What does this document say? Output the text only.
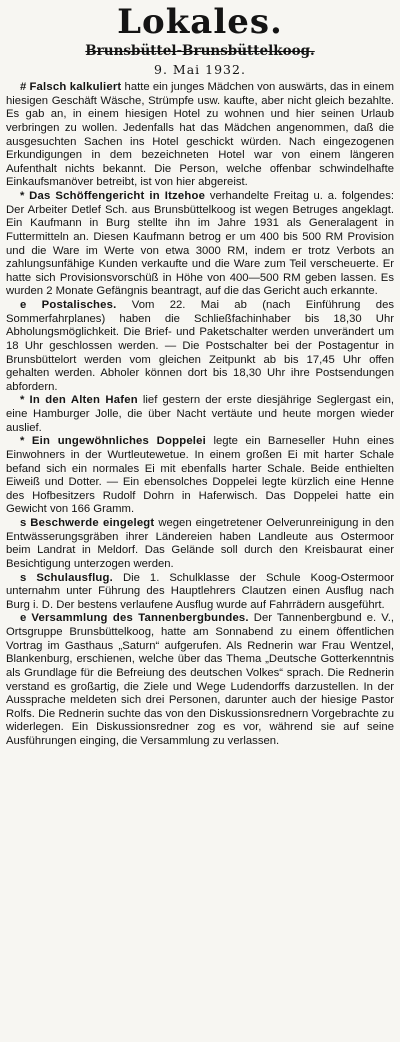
Lokales.
Brunsbüttel-Brunsbüttelkoog.
9. Mai 1932.

# Falsch kalkuliert hatte ein junges Mädchen von auswärts, das in einem hiesigen Geschäft Wäsche, Strümpfe usw. kaufte, aber nicht gleich bezahlte. Es gab an, in einem hiesigen Hotel zu wohnen und hier seinen Urlaub verbringen zu wollen. Jedenfalls hat das Mädchen angenommen, daß die ausgesuchten Sachen ins Hotel geschickt würden. Nach eingezogenen Erkundigungen in dem bezeichneten Hotel war von einem längeren Aufenthalt nichts bekannt. Die Person, welche offenbar schwindelhafte Einkaufsmanöver betreibt, ist von hier abgereist.

* Das Schöffengericht in Itzehoe verhandelte Freitag u. a. folgendes: Der Arbeiter Detlef Sch. aus Brunsbüttelkoog ist wegen Betruges angeklagt. Ein Kaufmann in Burg stellte ihn im Jahre 1931 als Generalagent in Futtermitteln an. Diesen Kaufmann betrog er um 400 bis 500 RM Provision und die Ware im Werte von etwa 3000 RM, indem er trotz Verbots an zahlungsunfähige Kunden verkaufte und die Ware zum Teil verscheuerte. Er hatte sich Provisionsvorschüß in Höhe von 400—500 RM geben lassen. Es wurden 2 Monate Gefängnis beantragt, auf die das Gericht auch erkannte.

e Postalisches. Vom 22. Mai ab (nach Einführung des Sommerfahrplanes) haben die Schließfachinhaber bis 18,30 Uhr Abholungsmöglichkeit. Die Brief- und Paketschalter werden unverändert um 18 Uhr geschlossen werden. — Die Postschalter bei der Postagentur in Brunsbüttelort werden vom gleichen Zeitpunkt ab bis 17,45 Uhr offen gehalten werden. Abholer können dort bis 18,30 Uhr ihre Postsendungen abfordern.

* In den Alten Hafen lief gestern der erste diesjährige Seglergast ein, eine Hamburger Jolle, die über Nacht vertäute und heute morgen wieder auslief.

* Ein ungewöhnliches Doppelei legte ein Barneseller Huhn eines Einwohners in der Wurtleutewetuе. In einem großen Ei mit harter Schale befand sich ein normales Ei mit ebenfalls harter Schale. Beide enthielten Eiweiß und Dotter. — Ein ebensolches Doppelei legte kürzlich eine Henne des Hofbesitzers Rudolf Dohrn in Haferwisch. Das Doppelei hatte ein Gewicht von 166 Gramm.

s Beschwerde eingelegt wegen eingetretener Oelverunreinigung in den Entwässerungsgräben ihrer Ländereien haben Landleute aus Ostermoor beim Landrat in Meldorf. Das Gelände soll durch den Kreisbaurat einer Besichtigung unterzogen werden.

s Schulausflug. Die 1. Schulklasse der Schule Koog-Ostermoor unternahm unter Führung des Hauptlehrers Clautzen einen Ausflug nach Burg i. D. Der bestens verlaufene Ausflug wurde auf Fahrrädern ausgeführt.

e Versammlung des Tannenbergbundes. Der Tannenbergbund e. V., Ortsgruppe Brunsbüttelkoog, hatte am Sonnabend zu einem öffentlichen Vortrag im Gasthaus „Saturn“ aufgerufen. Als Rednerin war Frau Wentzel, Blankenburg, erschienen, welche über das Thema „Deutsche Gotterkenntnis als Grundlage für die Befreiung des deutschen Volkes“ sprach. Die Rednerin verstand es großartig, die Ziele und Wege Ludendorffs darzustellen. In der Aussprache meldeten sich drei Personen, darunter auch der hiesige Pastor Rolfs. Die Rednerin suchte das von den Diskussionsrednern Vorgebrachte zu widerlegen. Ein Diskussionsredner zog es vor, während sie auf seine Ausführungen einging, die Versammlung zu verlassen.
